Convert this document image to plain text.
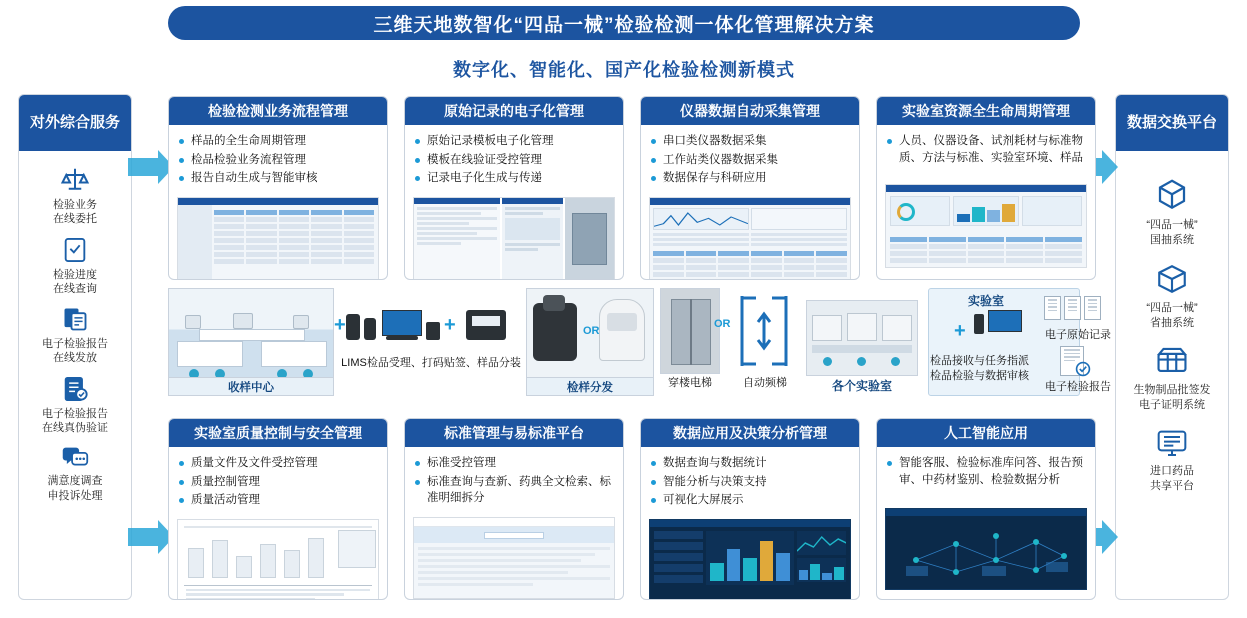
三维天地数智化“四品一械”检验检测一体化管理解决方案
数字化、智能化、国产化检验检测新模式
对外综合服务
检验业务
在线委托
检验进度
在线查询
电子检验报告
在线发放
电子检验报告
在线真伪验证
满意度调查
申投诉处理
数据交换平台
“四品一械”
国抽系统
“四品一械”
省抽系统
生物制品批签发
电子证明系统
进口药品
共享平台
检验检测业务流程管理
样品的全生命周期管理
检品检验业务流程管理
报告自动生成与智能审核
原始记录的电子化管理
原始记录模板电子化管理
模板在线验证受控管理
记录电子化生成与传递
仪器数据自动采集管理
串口类仪器数据采集
工作站类仪器数据采集
数据保存与科研应用
实验室资源全生命周期管理
人员、仪器设备、试剂耗材与标准物质、方法与标准、实验室环境、样品
收样中心
+
+
LIMS检品受理、打码贴签、样品分装
OR
检样分发	穿楼电梯	自动频梯
OR
各个实验室
实验室
+
检品接收与任务指派
检品检验与数据审核
电子原始记录
电子检验报告
实验室质量控制与安全管理
质量文件及文件受控管理
质量控制管理
质量活动管理
标准管理与易标准平台
标准受控管理
标准查询与查新、药典全文检索、标准明细拆分
数据应用及决策分析管理
数据查询与数据统计
智能分析与决策支持
可视化大屏展示
人工智能应用
智能客服、检验标准库问答、报告预审、中药材鉴别、检验数据分析
